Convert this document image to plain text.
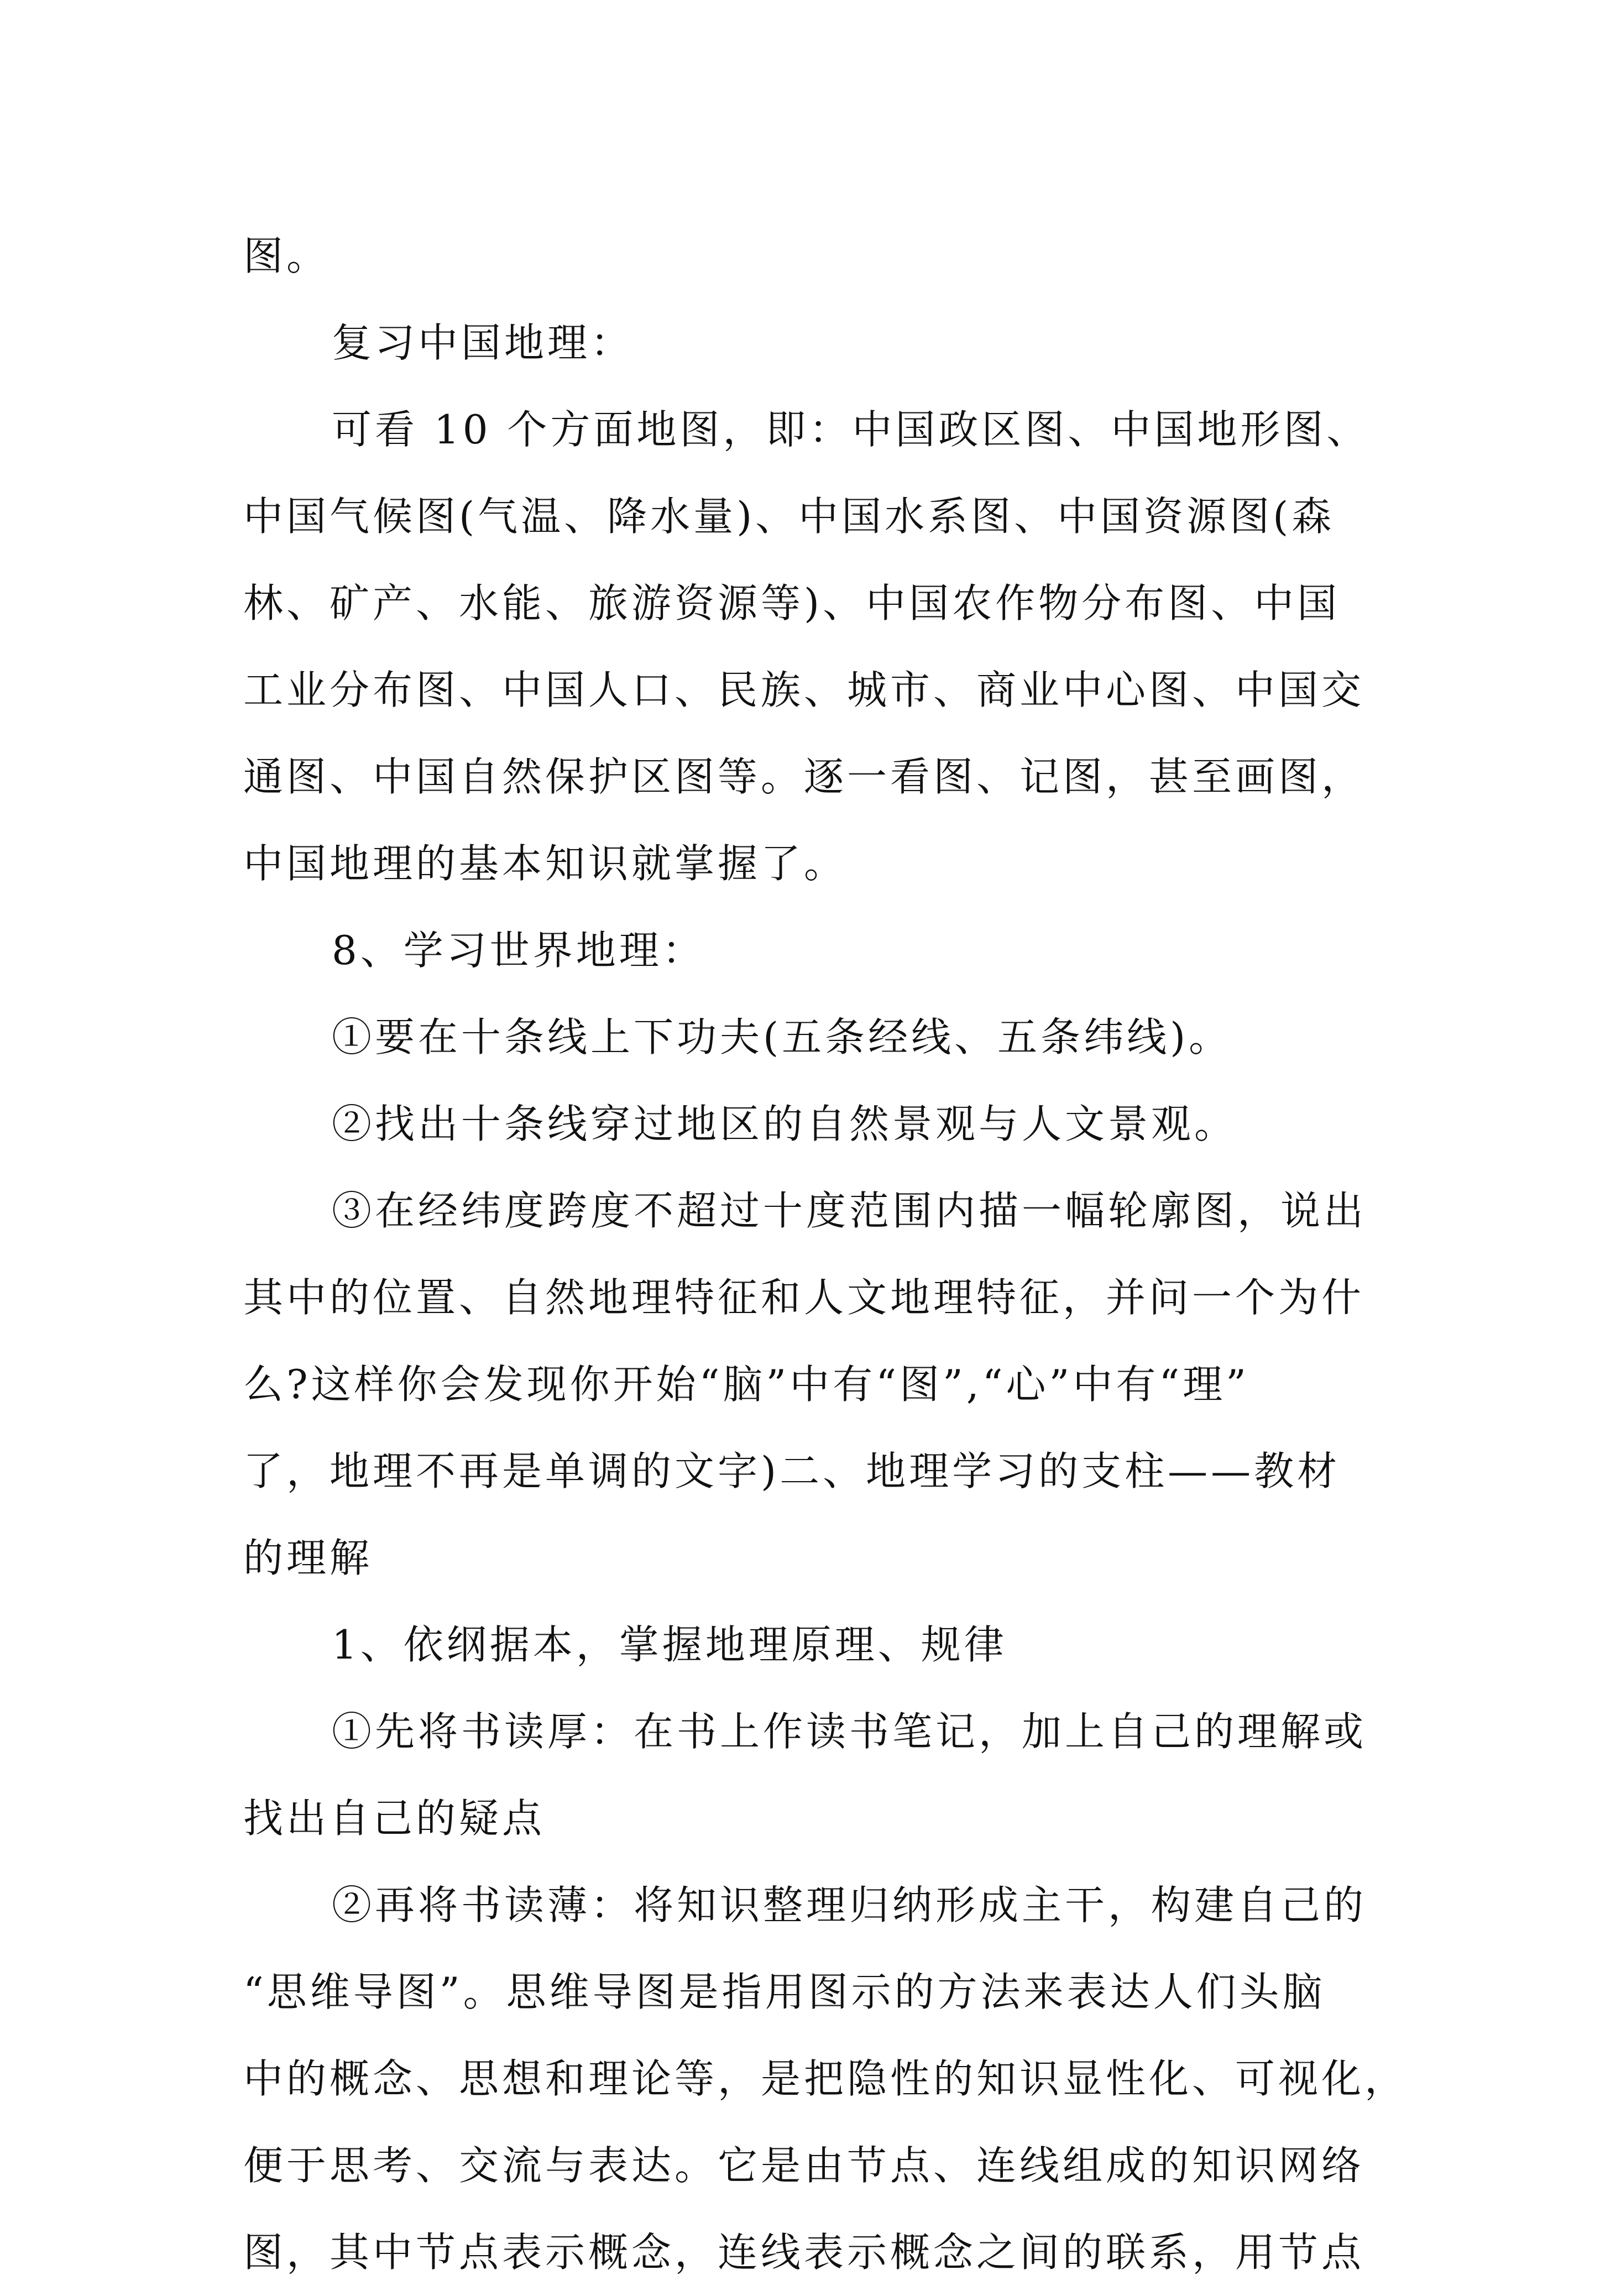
图。
复习中国地理：
可看 10 个方面地图，即：中国政区图、中国地形图、
中国气候图(气温、降水量)、中国水系图、中国资源图(森
林、矿产、水能、旅游资源等)、中国农作物分布图、中国
工业分布图、中国人口、民族、城市、商业中心图、中国交
通图、中国自然保护区图等。逐一看图、记图，甚至画图，
中国地理的基本知识就掌握了。
8、学习世界地理：
①要在十条线上下功夫(五条经线、五条纬线)。
②找出十条线穿过地区的自然景观与人文景观。
③在经纬度跨度不超过十度范围内描一幅轮廓图，说出
其中的位置、自然地理特征和人文地理特征，并问一个为什
么?这样你会发现你开始“脑”中有“图”,“心”中有“理”
了，地理不再是单调的文字)二、地理学习的支柱——教材
的理解
1、依纲据本，掌握地理原理、规律
①先将书读厚：在书上作读书笔记，加上自己的理解或
找出自己的疑点
②再将书读薄：将知识整理归纳形成主干，构建自己的
“思维导图”。思维导图是指用图示的方法来表达人们头脑
中的概念、思想和理论等，是把隐性的知识显性化、可视化，
便于思考、交流与表达。它是由节点、连线组成的知识网络
图，其中节点表示概念，连线表示概念之间的联系，用节点
